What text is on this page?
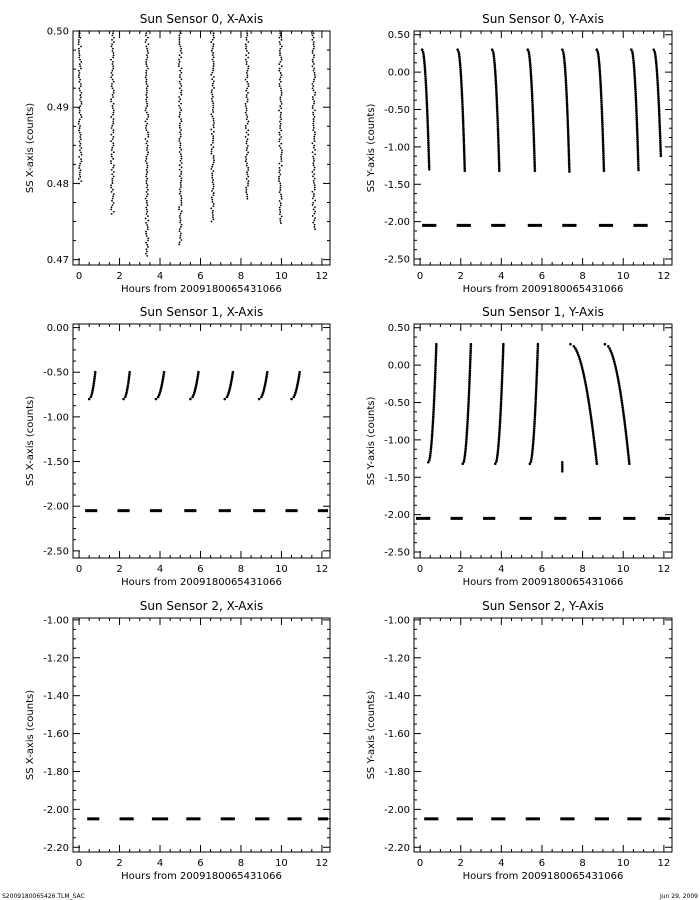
Sun Sensor 0, X-Axis
Hours from 2009180065431066
SS X-axis (counts)
0	2	4	6	8	10	12
0.47
0.48
0.49
0.50
Sun Sensor 0, Y-Axis
Hours from 2009180065431066
SS Y-axis (counts)
0	2	4	6	8	10	12
-2.50
-2.00
-1.50
-1.00
-0.50
0.00
0.50
Sun Sensor 1, X-Axis
Hours from 2009180065431066
SS X-axis (counts)
0	2	4	6	8	10	12
-2.50
-2.00
-1.50
-1.00
-0.50
0.00
Sun Sensor 1, Y-Axis
Hours from 2009180065431066
SS Y-axis (counts)
0	2	4	6	8	10	12
-2.50
-2.00
-1.50
-1.00
-0.50
0.00
0.50
Sun Sensor 2, X-Axis
Hours from 2009180065431066
SS X-axis (counts)
0	2	4	6	8	10	12
-2.20
-2.00
-1.80
-1.60
-1.40
-1.20
-1.00
Sun Sensor 2, Y-Axis
Hours from 2009180065431066
SS Y-axis (counts)
0	2	4	6	8	10	12
-2.20
-2.00
-1.80
-1.60
-1.40
-1.20
-1.00
S2009180065426.TLM_SAC	Jun 29, 2009
